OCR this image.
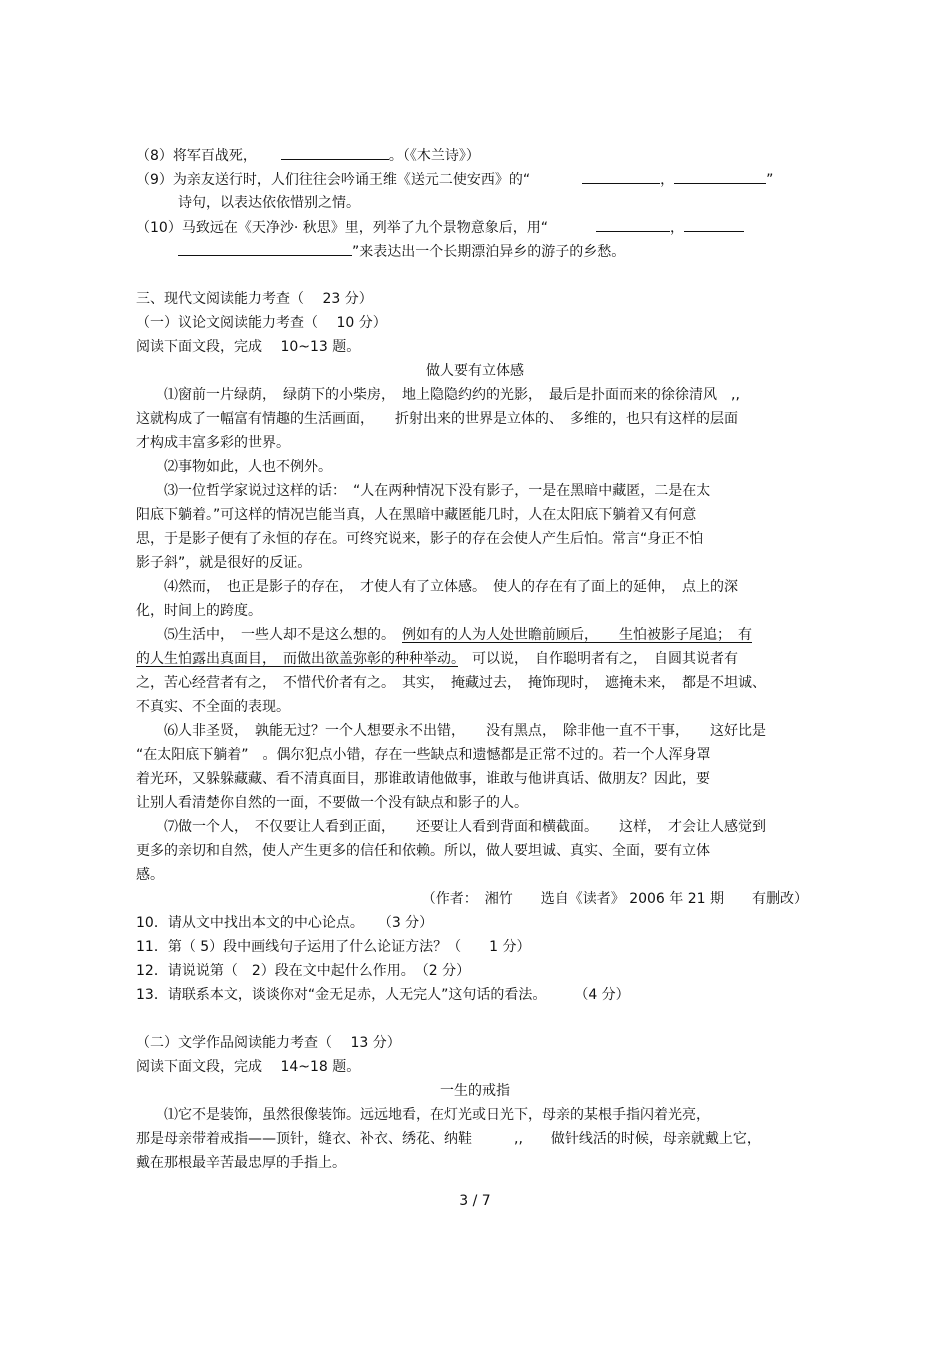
（8）将军百战死，	。（《木兰诗》）
（9）为亲友送行时，人们往往会吟诵王维《送元二使安西》的“	，	”
诗句，以表达依依惜别之情。
（10）马致远在《天净沙· 秋思》里，列举了九个景物意象后，用“	，
”来表达出一个长期漂泊异乡的游子的乡愁。
三、现代文阅读能力考查（　 23 分）
（一）议论文阅读能力考查（　 10 分）
阅读下面文段，完成　 10~13 题。
做人要有立体感
⑴窗前一片绿荫，　绿荫下的小柴房，　地上隐隐约约的光影，　最后是扑面而来的徐徐清风　,,
这就构成了一幅富有情趣的生活画面，　　折射出来的世界是立体的、　多维的，也只有这样的层面
才构成丰富多彩的世界。
⑵事物如此，人也不例外。
⑶一位哲学家说过这样的话：　“人在两种情况下没有影子，一是在黑暗中藏匿，二是在太
阳底下躺着。”可这样的情况岂能当真，人在黑暗中藏匿能几时，人在太阳底下躺着又有何意
思，于是影子便有了永恒的存在。可终究说来，影子的存在会使人产生后怕。常言“身正不怕
影子斜”，就是很好的反证。
⑷然而，　也正是影子的存在，　才使人有了立体感。　使人的存在有了面上的延伸，　点上的深
化，时间上的跨度。
⑸生活中，　一些人却不是这么想的。　例如有的人为人处世瞻前顾后，　　生怕被影子尾追；　有
的人生怕露出真面目，　而做出欲盖弥彰的种种举动。　可以说，　自作聪明者有之，　自圆其说者有
之，苦心经营者有之，　不惜代价者有之。　其实，　掩藏过去，　掩饰现时，　遮掩未来，　都是不坦诚、
不真实、不全面的表现。
⑹人非圣贤，　孰能无过？一个人想要永不出错，　　没有黑点，　除非他一直不干事，　　这好比是
“在太阳底下躺着”　。偶尔犯点小错，存在一些缺点和遗憾都是正常不过的。若一个人浑身罩
着光环，又躲躲藏藏、看不清真面目，那谁敢请他做事，谁敢与他讲真话、做朋友？因此，要
让别人看清楚你自然的一面，不要做一个没有缺点和影子的人。
⑺做一个人，　不仅要让人看到正面，　　还要让人看到背面和横截面。　　这样，　才会让人感觉到
更多的亲切和自然，使人产生更多的信任和依赖。所以，做人要坦诚、真实、全面，要有立体
感。
（作者：　湘竹　　选自《读者》 2006 年 21 期　　有删改）
10．请从文中找出本文的中心论点。　　（3 分）
11．第（ 5）段中画线句子运用了什么论证方法？（　　1 分）
12．请说说第（　2）段在文中起什么作用。　（2 分）
13．请联系本文，谈谈你对“金无足赤，人无完人”这句话的看法。　　　（4 分）
（二）文学作品阅读能力考查（　 13 分）
阅读下面文段，完成　 14~18 题。
一生的戒指
⑴它不是装饰，虽然很像装饰。远远地看，在灯光或日光下，母亲的某根手指闪着光亮，
那是母亲带着戒指——顶针，缝衣、补衣、绣花、纳鞋　　　,,　　做针线活的时候，母亲就戴上它，
戴在那根最辛苦最忠厚的手指上。
3 / 7
